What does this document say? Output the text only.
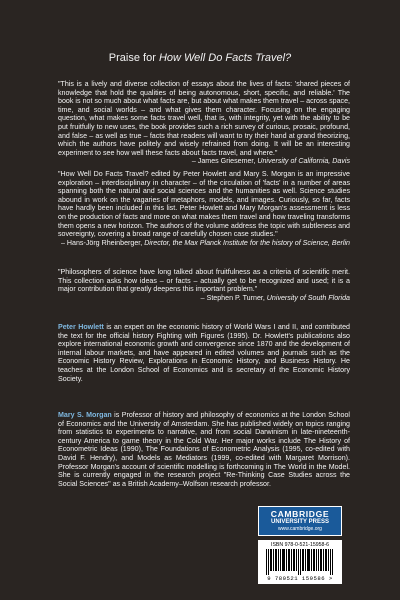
Praise for How Well Do Facts Travel?
"This is a lively and diverse collection of essays about the lives of facts: 'shared pieces of knowledge that hold the qualities of being autonomous, short, specific, and reliable.' The book is not so much about what facts are, but about what makes them travel – across space, time, and social worlds – and what gives them character. Focusing on the engaging question, what makes some facts travel well, that is, with integrity, yet with the ability to be put fruitfully to new uses, the book provides such a rich survey of curious, prosaic, profound, and false – as well as true – facts that readers will want to try their hand at grand theorizing, which the authors have politely and wisely refrained from doing. It will be an interesting experiment to see how well these facts about facts travel, and where."
– James Griesemer, University of California, Davis
"How Well Do Facts Travel? edited by Peter Howlett and Mary S. Morgan is an impressive exploration – interdisciplinary in character – of the circulation of 'facts' in a number of areas spanning both the natural and social sciences and the humanities as well. Science studies abound in work on the vagaries of metaphors, models, and images. Curiously, so far, facts have hardly been included in this list. Peter Howlett and Mary Morgan's assessment is less on the production of facts and more on what makes them travel and how traveling transforms them opens a new horizon. The authors of the volume address the topic with subtleness and sovereignty, covering a broad range of carefully chosen case studies."
– Hans-Jörg Rheinberger, Director, the Max Planck Institute for the history of Science, Berlin
"Philosophers of science have long talked about fruitfulness as a criteria of scientific merit. This collection asks how ideas – or facts – actually get to be recognized and used; it is a major contribution that greatly deepens this important problem."
– Stephen P. Turner, University of South Florida
Peter Howlett is an expert on the economic history of World Wars I and II, and contributed the text for the official history Fighting with Figures (1995). Dr. Howlett's publications also explore international economic growth and convergence since 1870 and the development of internal labour markets, and have appeared in edited volumes and journals such as the Economic History Review, Explorations in Economic History, and Business History. He teaches at the London School of Economics and is secretary of the Economic History Society.
Mary S. Morgan is Professor of history and philosophy of economics at the London School of Economics and the University of Amsterdam. She has published widely on topics ranging from statistics to experiments to narrative, and from social Darwinism in late-nineteenth-century America to game theory in the Cold War. Her major works include The History of Econometric Ideas (1990), The Foundations of Econometric Analysis (1995, co-edited with David F. Hendry), and Models as Mediators (1999, co-edited with Margaret Morrison). Professor Morgan's account of scientific modelling is forthcoming in The World in the Model. She is currently engaged in the research project "Re-Thinking Case Studies across the Social Sciences" as a British Academy–Wolfson research professor.
CAMBRIDGE
UNIVERSITY PRESS
www.cambridge.org
ISBN 978-0-521-15958-6
9 780521 159586 >
